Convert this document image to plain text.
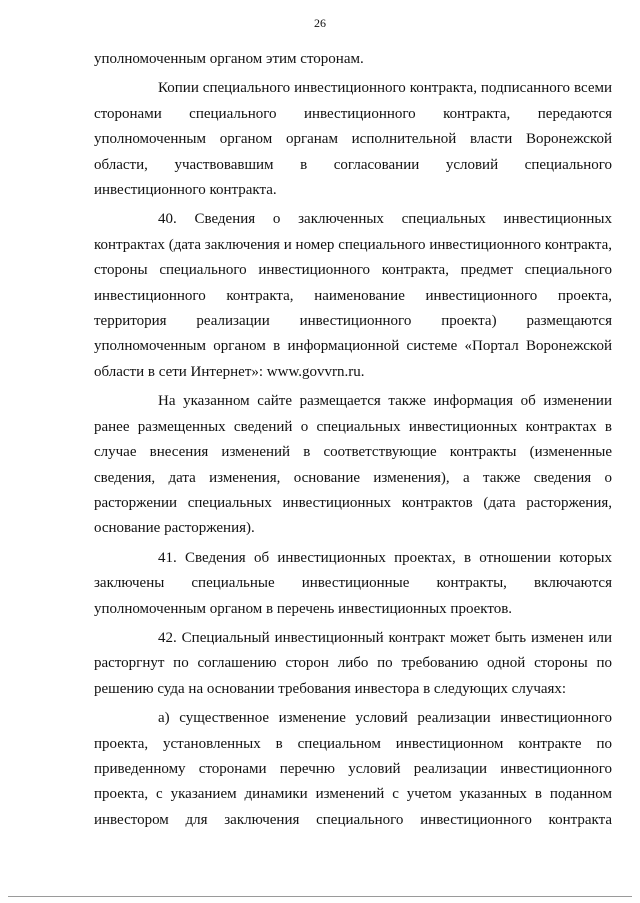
26

уполномоченным органом этим сторонам.

Копии специального инвестиционного контракта, подписанного всеми сторонами специального инвестиционного контракта, передаются уполномоченным органом органам исполнительной власти Воронежской области, участвовавшим в согласовании условий специального инвестиционного контракта.

40. Сведения о заключенных специальных инвестиционных контрактах (дата заключения и номер специального инвестиционного контракта, стороны специального инвестиционного контракта, предмет специального инвестиционного контракта, наименование инвестиционного проекта, территория реализации инвестиционного проекта) размещаются уполномоченным органом в информационной системе «Портал Воронежской области в сети Интернет»: www.govvrn.ru.

На указанном сайте размещается также информация об изменении ранее размещенных сведений о специальных инвестиционных контрактах в случае внесения изменений в соответствующие контракты (измененные сведения, дата изменения, основание изменения), а также сведения о расторжении специальных инвестиционных контрактов (дата расторжения, основание расторжения).

41. Сведения об инвестиционных проектах, в отношении которых заключены специальные инвестиционные контракты, включаются уполномоченным органом в перечень инвестиционных проектов.

42. Специальный инвестиционный контракт может быть изменен или расторгнут по соглашению сторон либо по требованию одной стороны по решению суда на основании требования инвестора в следующих случаях:

а) существенное изменение условий реализации инвестиционного проекта, установленных в специальном инвестиционном контракте по приведенному сторонами перечню условий реализации инвестиционного проекта, с указанием динамики изменений с учетом указанных в поданном инвестором для заключения специального инвестиционного контракта
